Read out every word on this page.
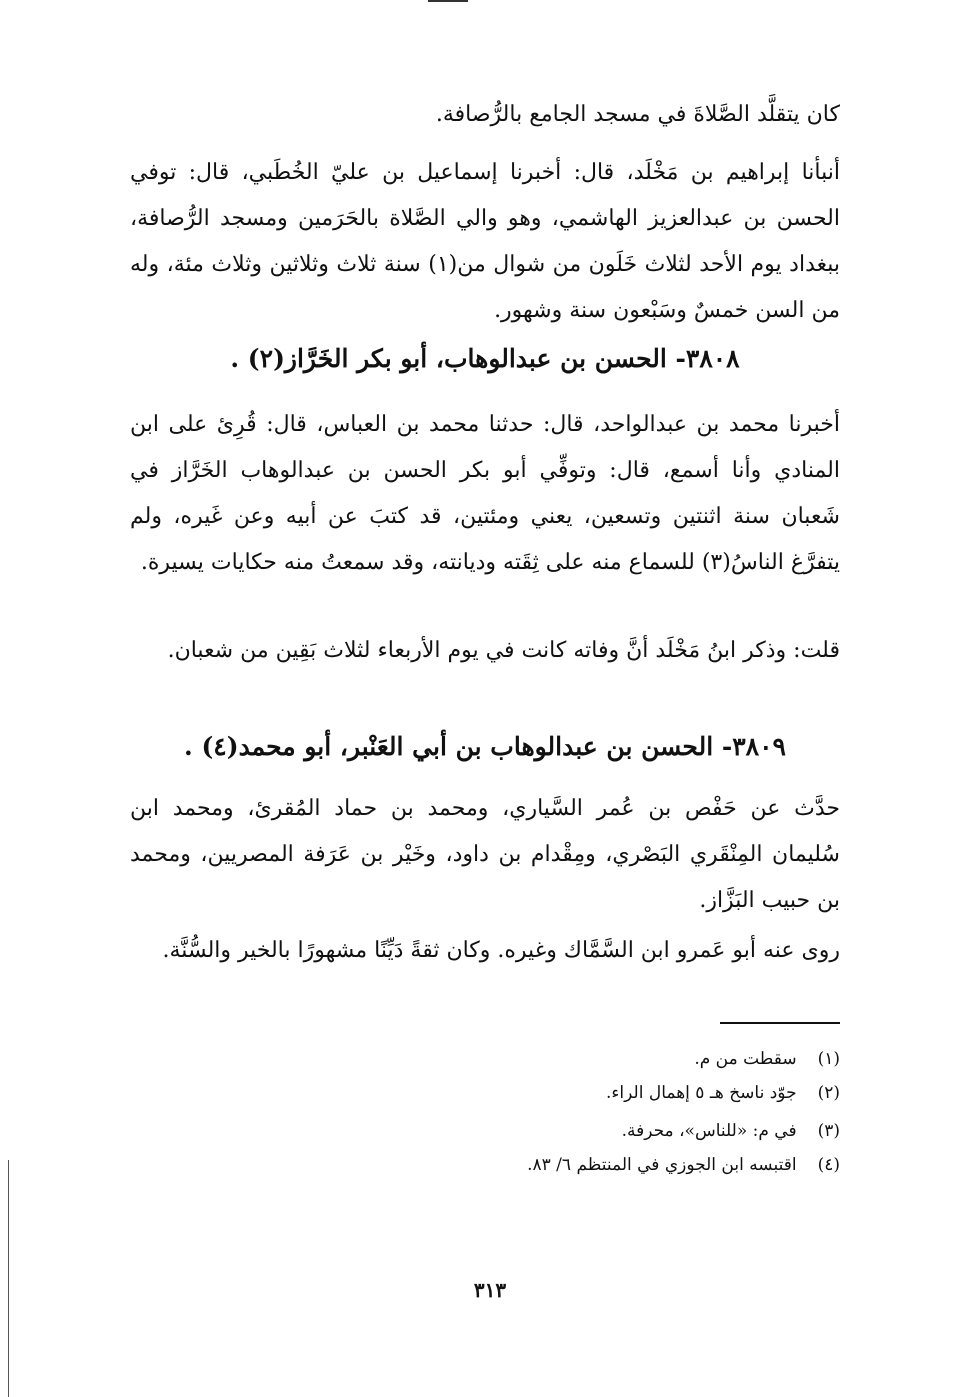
كان يتقلَّد الصَّلاةَ في مسجد الجامع بالرُّصافة.

أنبأنا إبراهيم بن مَخْلَد، قال: أخبرنا إسماعيل بن عليّ الخُطَبي، قال: توفي الحسن بن عبدالعزيز الهاشمي، وهو والي الصَّلاة بالحَرَمين ومسجد الرُّصافة، ببغداد يوم الأحد لثلاث خَلَون من شوال من(١) سنة ثلاث وثلاثين وثلاث مئة، وله من السن خمسٌ وسَبْعون سنة وشهور.

٣٨٠٨- الحسن بن عبدالوهاب، أبو بكر الخَرَّاز(٢) .

أخبرنا محمد بن عبدالواحد، قال: حدثنا محمد بن العباس، قال: قُرِئ على ابن المنادي وأنا أسمع، قال: وتوفِّي أبو بكر الحسن بن عبدالوهاب الخَرَّاز في شَعبان سنة اثنتين وتسعين، يعني ومئتين، قد كتبَ عن أبيه وعن غَيره، ولم يتفرَّغ الناسُ(٣) للسماع منه على ثِقَته وديانته، وقد سمعتُ منه حكايات يسيرة.

قلت: وذكر ابنُ مَخْلَد أنَّ وفاته كانت في يوم الأربعاء لثلاث بَقِين من شعبان.

٣٨٠٩- الحسن بن عبدالوهاب بن أبي العَنْبر، أبو محمد(٤) .

حدَّث عن حَفْص بن عُمر السَّياري، ومحمد بن حماد المُقرئ، ومحمد ابن سُليمان المِنْقَري البَصْري، ومِقْدام بن داود، وخَيْر بن عَرَفة المصريين، ومحمد بن حبيب البَزَّاز.

روى عنه أبو عَمرو ابن السَّمَّاك وغيره. وكان ثقةً دَيِّنًا مشهورًا بالخير والسُّنَّة.

(١) سقطت من م.
(٢) جوّد ناسخ هـ ٥ إهمال الراء.
(٣) في م: «للناس»، محرفة.
(٤) اقتبسه ابن الجوزي في المنتظم ٦/ ٨٣.
٣١٣
